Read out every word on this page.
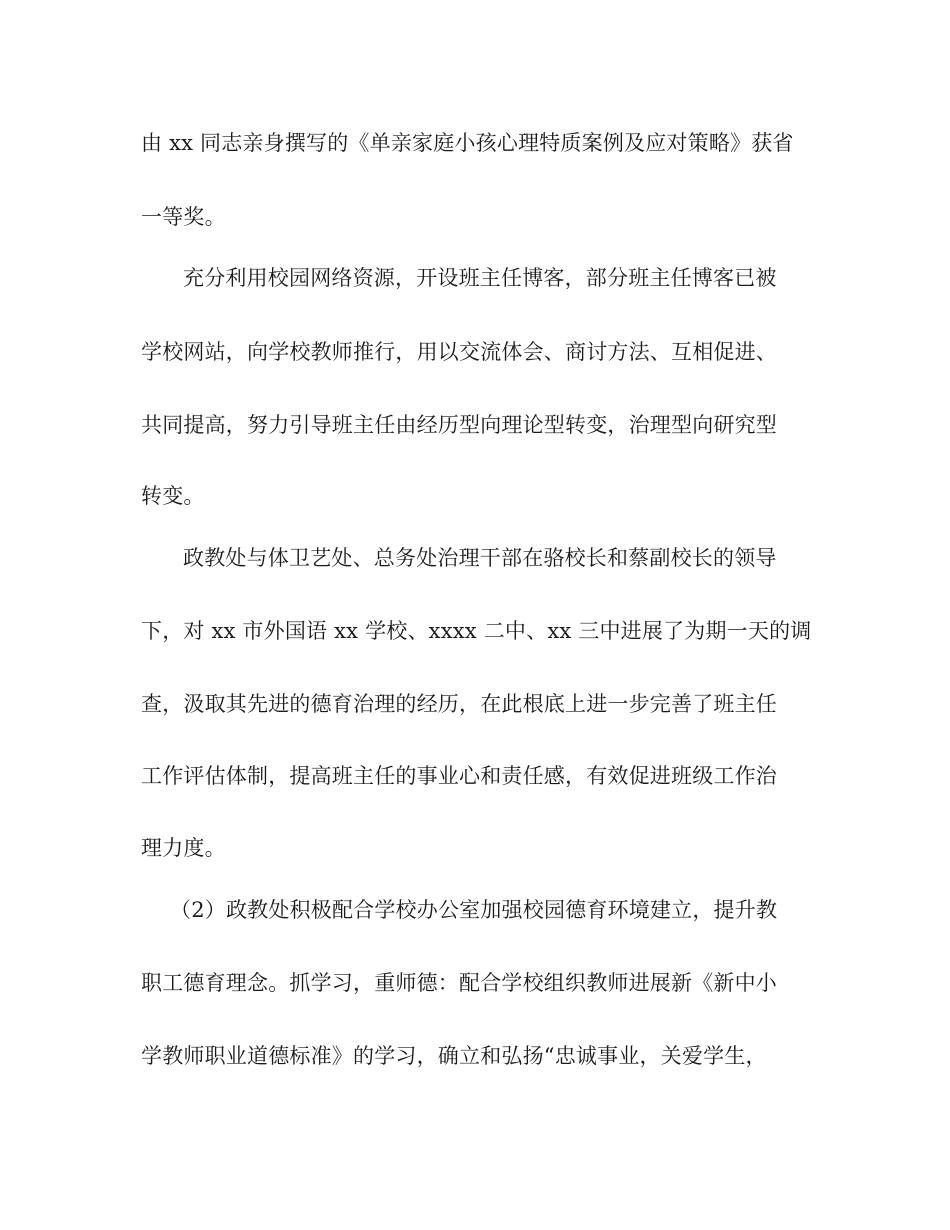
由 xx 同志亲身撰写的《单亲家庭小孩心理特质案例及应对策略》获省
一等奖。
充分利用校园网络资源，开设班主任博客，部分班主任博客已被
学校网站，向学校教师推行，用以交流体会、商讨方法、互相促进、
共同提高，努力引导班主任由经历型向理论型转变，治理型向研究型
转变。
政教处与体卫艺处、总务处治理干部在骆校长和蔡副校长的领导
下，对 xx 市外国语 xx 学校、xxxx 二中、xx 三中进展了为期一天的调
查，汲取其先进的德育治理的经历，在此根底上进一步完善了班主任
工作评估体制，提高班主任的事业心和责任感，有效促进班级工作治
理力度。
（2）政教处积极配合学校办公室加强校园德育环境建立，提升教
职工德育理念。抓学习，重师德：配合学校组织教师进展新《新中小
学教师职业道德标准》的学习，确立和弘扬“忠诚事业，关爱学生，
